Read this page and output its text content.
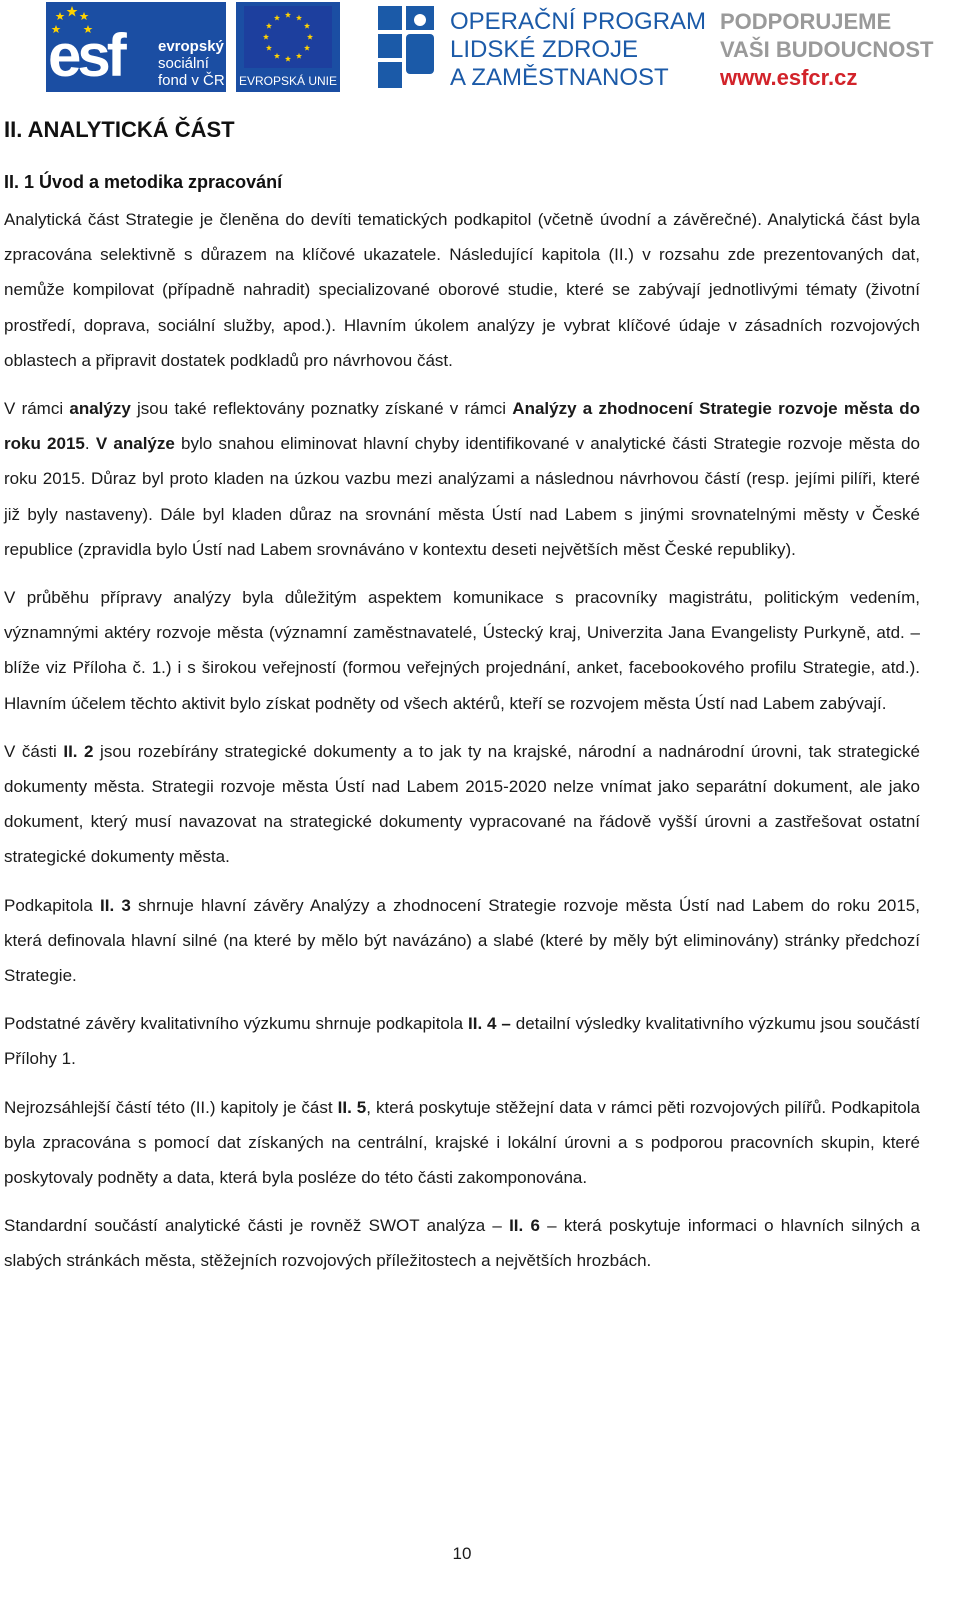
esf evropský
sociální
fond v ČR EVROPSKÁ UNIE
OPERAČNÍ PROGRAM
LIDSKÉ ZDROJE
A ZAMĚSTNANOST
PODPORUJEME
VAŠI BUDOUCNOST
www.esfcr.cz
II. ANALYTICKÁ ČÁST
II. 1 Úvod a metodika zpracování

Analytická část Strategie je členěna do devíti tematických podkapitol (včetně úvodní a závěrečné). Analytická část byla zpracována selektivně s důrazem na klíčové ukazatele. Následující kapitola (II.) v rozsahu zde prezentovaných dat, nemůže kompilovat (případně nahradit) specializované oborové studie, které se zabývají jednotlivými tématy (životní prostředí, doprava, sociální služby, apod.). Hlavním úkolem analýzy je vybrat klíčové údaje v zásadních rozvojových oblastech a připravit dostatek podkladů pro návrhovou část.

V rámci analýzy jsou také reflektovány poznatky získané v rámci Analýzy a zhodnocení Strategie rozvoje města do roku 2015. V analýze bylo snahou eliminovat hlavní chyby identifikované v analytické části Strategie rozvoje města do roku 2015. Důraz byl proto kladen na úzkou vazbu mezi analýzami a následnou návrhovou částí (resp. jejími pilíři, které již byly nastaveny). Dále byl kladen důraz na srovnání města Ústí nad Labem s jinými srovnatelnými městy v České republice (zpravidla bylo Ústí nad Labem srovnáváno v kontextu deseti největších měst České republiky).

V průběhu přípravy analýzy byla důležitým aspektem komunikace s pracovníky magistrátu, politickým vedením, významnými aktéry rozvoje města (významní zaměstnavatelé, Ústecký kraj, Univerzita Jana Evangelisty Purkyně, atd. – blíže viz Příloha č. 1.) i s širokou veřejností (formou veřejných projednání, anket, facebookového profilu Strategie, atd.). Hlavním účelem těchto aktivit bylo získat podněty od všech aktérů, kteří se rozvojem města Ústí nad Labem zabývají.

V části II. 2 jsou rozebírány strategické dokumenty a to jak ty na krajské, národní a nadnárodní úrovni, tak strategické dokumenty města. Strategii rozvoje města Ústí nad Labem 2015-2020 nelze vnímat jako separátní dokument, ale jako dokument, který musí navazovat na strategické dokumenty vypracované na řádově vyšší úrovni a zastřešovat ostatní strategické dokumenty města.

Podkapitola II. 3 shrnuje hlavní závěry Analýzy a zhodnocení Strategie rozvoje města Ústí nad Labem do roku 2015, která definovala hlavní silné (na které by mělo být navázáno) a slabé (které by měly být eliminovány) stránky předchozí Strategie.

Podstatné závěry kvalitativního výzkumu shrnuje podkapitola II. 4 – detailní výsledky kvalitativního výzkumu jsou součástí Přílohy 1.

Nejrozsáhlejší částí této (II.) kapitoly je část II. 5, která poskytuje stěžejní data v rámci pěti rozvojových pilířů. Podkapitola byla zpracována s pomocí dat získaných na centrální, krajské i lokální úrovni a s podporou pracovních skupin, které poskytovaly podněty a data, která byla posléze do této části zakomponována.

Standardní součástí analytické části je rovněž SWOT analýza – II. 6 – která poskytuje informaci o hlavních silných a slabých stránkách města, stěžejních rozvojových příležitostech a největších hrozbách.

10
